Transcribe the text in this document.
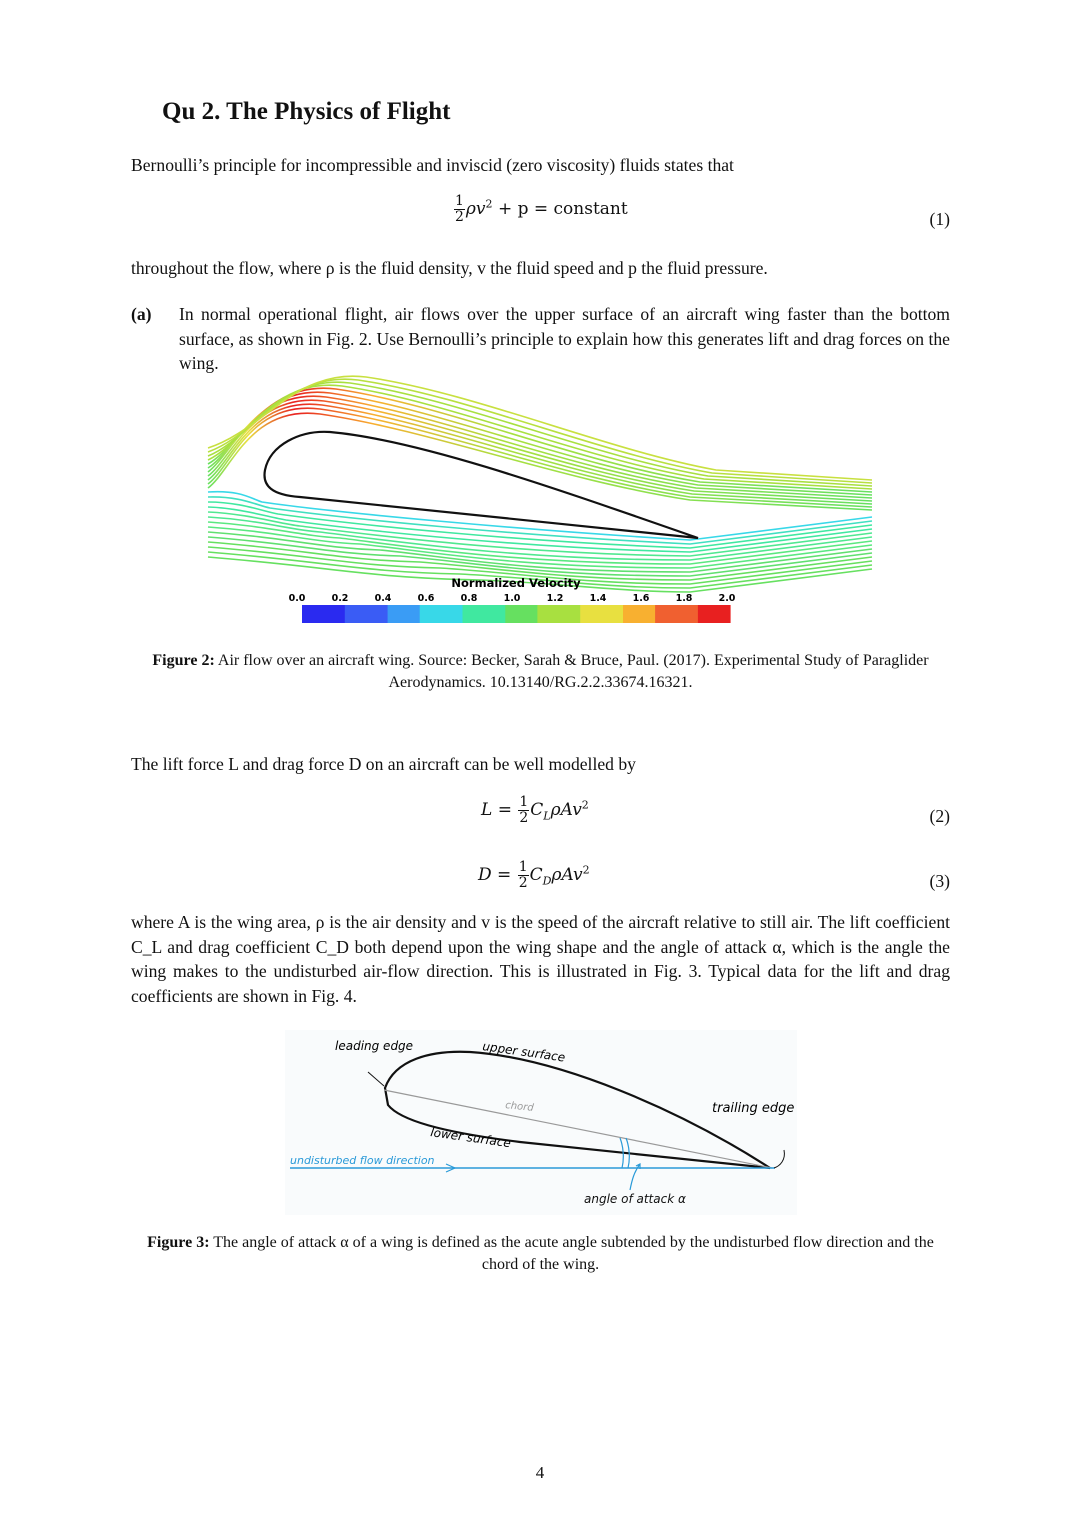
Qu 2. The Physics of Flight
Bernoulli’s principle for incompressible and inviscid (zero viscosity) fluids states that
$\frac{1}{2} \rho v^2 + p$ = constant	(1)
throughout the flow, where ρ is the fluid density, v the fluid speed and p the fluid pressure.
(a) In normal operational flight, air flows over the upper surface of an aircraft wing faster than the bottom surface, as shown in Fig. 2. Use Bernoulli’s principle to explain how this generates lift and drag forces on the wing.
Normalized Velocity
0.0	0.2	0.4	0.6	0.8	1.0	1.2	1.4	1.6	1.8	2.0
Figure 2: Air flow over an aircraft wing. Source: Becker, Sarah & Bruce, Paul. (2017). Experimental Study of Paraglider Aerodynamics. 10.13140/RG.2.2.33674.16321.
The lift force L and drag force D on an aircraft can be well modelled by
$L = \frac{1}{2} C_L\rho Av^2$
(2)
$D = \frac{1}{2} C_D\rho Av^2$
(3)
where A is the wing area, ρ is the air density and v is the speed of the aircraft relative to still air. The lift coefficient C_L and drag coefficient C_D both depend upon the wing shape and the angle of attack α, which is the angle the wing makes to the undisturbed air-flow direction. This is illustrated in Fig. 3. Typical data for the lift and drag coefficients are shown in Fig. 4.
leading edge	upper surface
chord
lower surface
trailing edge
undisturbed flow direction
angle of attack α
Figure 3: The angle of attack α of a wing is defined as the acute angle subtended by the undisturbed flow direction and the chord of the wing.
4
